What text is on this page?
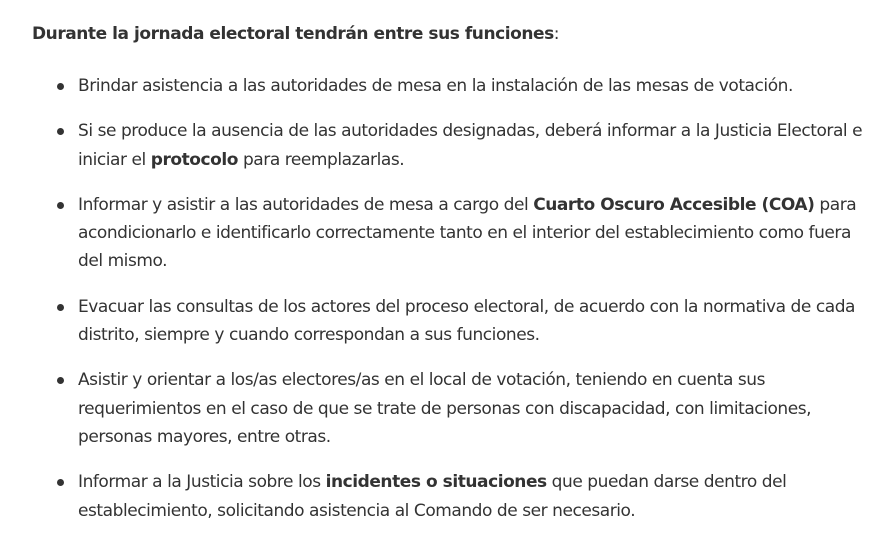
Durante la jornada electoral tendrán entre sus funciones:

Brindar asistencia a las autoridades de mesa en la instalación de las mesas de votación.
Si se produce la ausencia de las autoridades designadas, deberá informar a la Justicia Electoral e iniciar el protocolo para reemplazarlas.
Informar y asistir a las autoridades de mesa a cargo del Cuarto Oscuro Accesible (COA) para acondicionarlo e identificarlo correctamente tanto en el interior del establecimiento como fuera del mismo.
Evacuar las consultas de los actores del proceso electoral, de acuerdo con la normativa de cada distrito, siempre y cuando correspondan a sus funciones.
Asistir y orientar a los/as electores/as en el local de votación, teniendo en cuenta sus requerimientos en el caso de que se trate de personas con discapacidad, con limitaciones, personas mayores, entre otras.
Informar a la Justicia sobre los incidentes o situaciones que puedan darse dentro del establecimiento, solicitando asistencia al Comando de ser necesario.
